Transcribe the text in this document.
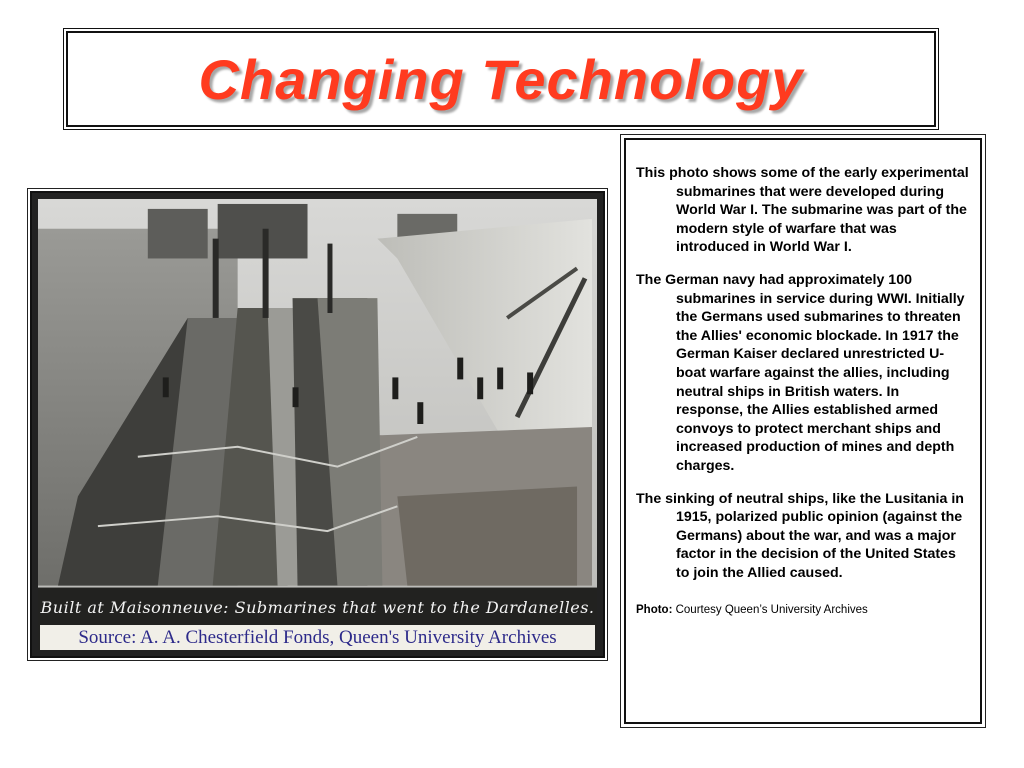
Changing Technology
Built at Maisonneuve: Submarines that went to the Dardanelles.
Source: A. A. Chesterfield Fonds, Queen's University Archives

This photo shows some of the early experimental submarines that were developed during World War I. The submarine was part of the modern style of warfare that was introduced in World War I.

The German navy had approximately 100 submarines in service during WWI. Initially the Germans used submarines to threaten the Allies' economic blockade. In 1917 the German Kaiser declared unrestricted U-boat warfare against the allies, including neutral ships in British waters. In response, the Allies established armed convoys to protect merchant ships and increased production of mines and depth charges.

The sinking of neutral ships, like the Lusitania in 1915, polarized public opinion (against the Germans) about the war, and was a major factor in the decision of the United States to join the Allied caused.

Photo: Courtesy Queen’s University Archives
